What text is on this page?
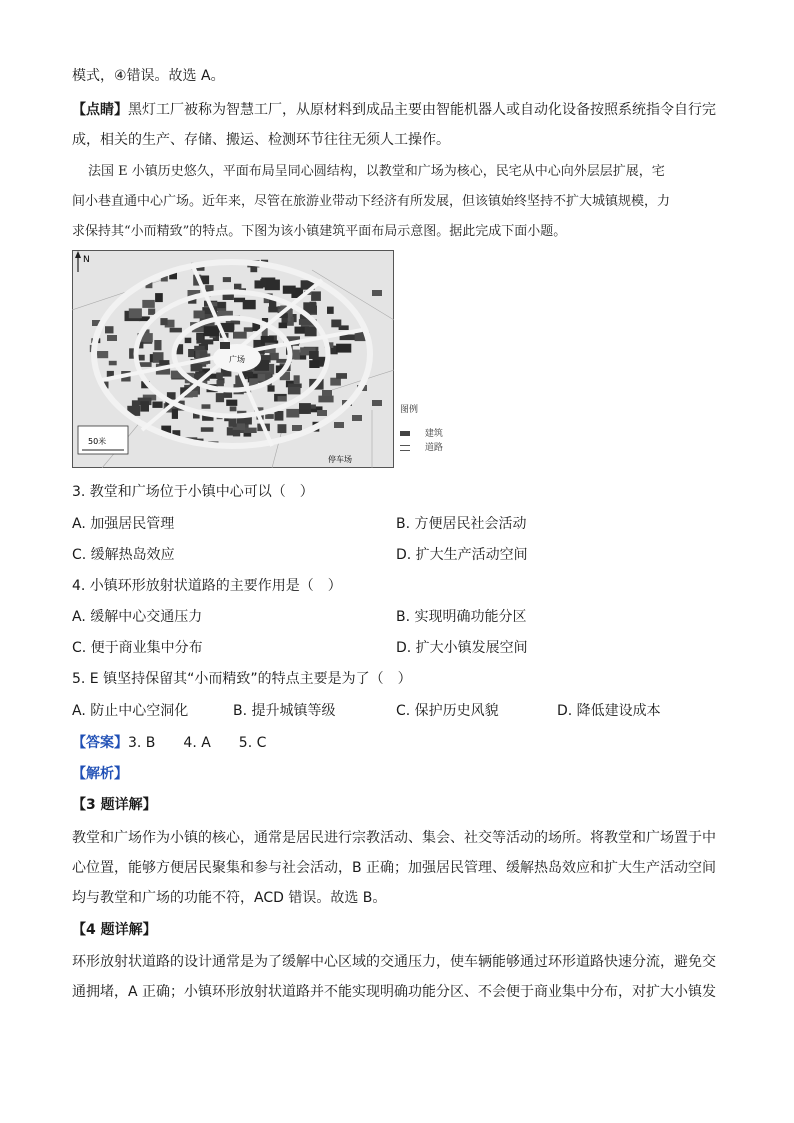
模式，④错误。故选 A。
【点睛】黑灯工厂被称为智慧工厂，从原材料到成品主要由智能机器人或自动化设备按照系统指令自行完
成，相关的生产、存储、搬运、检测环节往往无须人工操作。
法国 E 小镇历史悠久，平面布局呈同心圆结构，以教堂和广场为核心，民宅从中心向外层层扩展，宅
间小巷直通中心广场。近年来，尽管在旅游业带动下经济有所发展，但该镇始终坚持不扩大城镇规模，力
求保持其“小而精致”的特点。下图为该小镇建筑平面布局示意图。据此完成下面小题。
N
广场
50米
停车场
图例
建筑
道路
3. 教堂和广场位于小镇中心可以（　）
A. 加强居民管理	B. 方便居民社会活动
C. 缓解热岛效应	D. 扩大生产活动空间
4. 小镇环形放射状道路的主要作用是（　）
A. 缓解中心交通压力	B. 实现明确功能分区
C. 便于商业集中分布	D. 扩大小镇发展空间
5. E 镇坚持保留其“小而精致”的特点主要是为了（　）
A. 防止中心空洞化	B. 提升城镇等级	C. 保护历史风貌	D. 降低建设成本
【答案】3. B　　4. A　　5. C
【解析】
【3 题详解】
教堂和广场作为小镇的核心，通常是居民进行宗教活动、集会、社交等活动的场所。将教堂和广场置于中
心位置，能够方便居民聚集和参与社会活动，B 正确；加强居民管理、缓解热岛效应和扩大生产活动空间
均与教堂和广场的功能不符，ACD 错误。故选 B。
【4 题详解】
环形放射状道路的设计通常是为了缓解中心区域的交通压力，使车辆能够通过环形道路快速分流，避免交
通拥堵，A 正确；小镇环形放射状道路并不能实现明确功能分区、不会便于商业集中分布，对扩大小镇发
